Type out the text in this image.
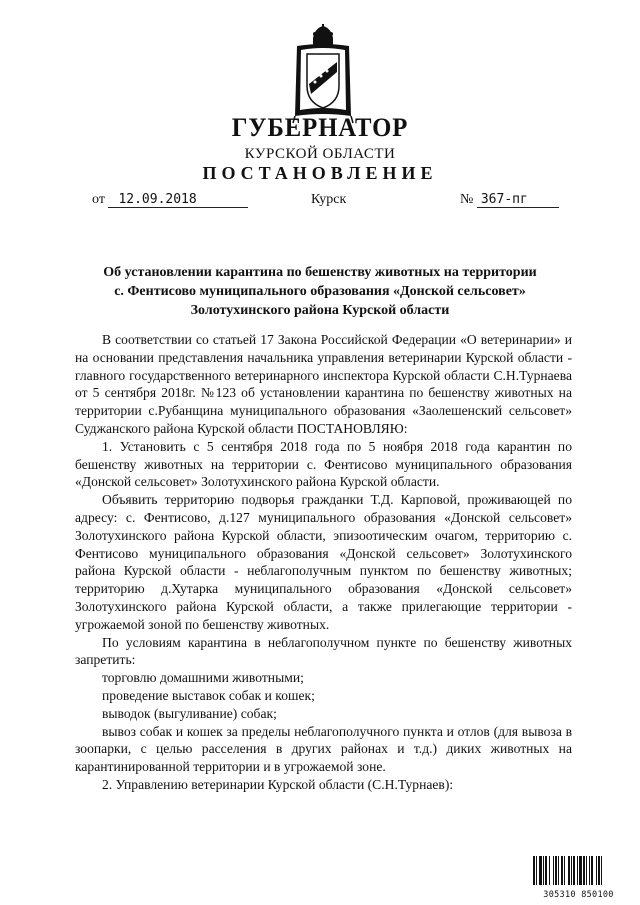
ГУБЕРНАТОР
КУРСКОЙ ОБЛАСТИ
ПОСТАНОВЛЕНИЕ
от 12.09.2018	Курск	№ 367-пг
Об установлении карантина по бешенству животных на территории
с. Фентисово муниципального образования «Донской сельсовет»
Золотухинского района Курской области

В соответствии со статьей 17 Закона Российской Федерации «О ветеринарии» и на основании представления начальника управления ветеринарии Курской области - главного государственного ветеринарного инспектора Курской области С.Н.Турнаева от 5 сентября 2018г. №123 об установлении карантина по бешенству животных на территории с.Рубанщина муниципального образования «Заолешенский сельсовет» Суджанского района Курской области ПОСТАНОВЛЯЮ:

1. Установить с 5 сентября 2018 года по 5 ноября 2018 года карантин по бешенству животных на территории с. Фентисово муниципального образования «Донской сельсовет» Золотухинского района Курской области.

Объявить территорию подворья гражданки Т.Д. Карповой, проживающей по адресу: с. Фентисово, д.127 муниципального образования «Донской сельсовет» Золотухинского района Курской области, эпизоотическим очагом, территорию с. Фентисово муниципального образования «Донской сельсовет» Золотухинского района Курской области - неблагополучным пунктом по бешенству животных; территорию д.Хутарка муниципального образования «Донской сельсовет» Золотухинского района Курской области, а также прилегающие территории - угрожаемой зоной по бешенству животных.

По условиям карантина в неблагополучном пункте по бешенству животных запретить:

торговлю домашними животными;

проведение выставок собак и кошек;

выводок (выгуливание) собак;

вывоз собак и кошек за пределы неблагополучного пункта и отлов (для вывоза в зоопарки, с целью расселения в других районах и т.д.) диких животных на карантинированной территории и в угрожаемой зоне.

2. Управлению ветеринарии Курской области (С.Н.Турнаев):

305310 850100
